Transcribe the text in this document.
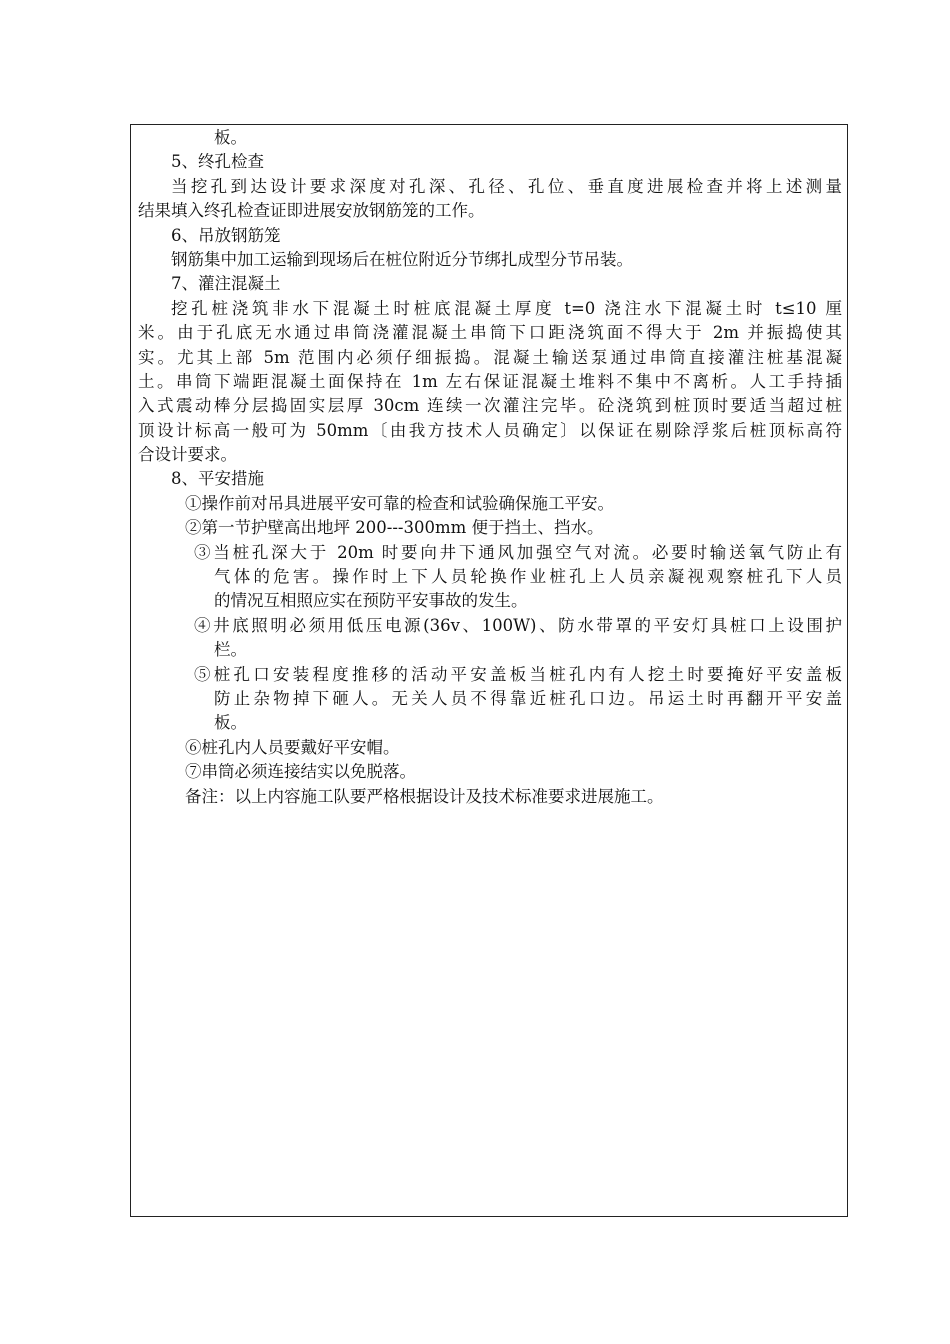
板。
5、终孔检查
当挖孔到达设计要求深度对孔深、孔径、孔位、垂直度进展检查并将上述测量
结果填入终孔检查证即进展安放钢筋笼的工作。
6、吊放钢筋笼
钢筋集中加工运输到现场后在桩位附近分节绑扎成型分节吊装。
7、灌注混凝土
挖孔桩浇筑非水下混凝土时桩底混凝土厚度 t=0 浇注水下混凝土时 t≤10 厘
米。由于孔底无水通过串筒浇灌混凝土串筒下口距浇筑面不得大于 2m 并振捣使其
实。尤其上部 5m 范围内必须仔细振捣。混凝土输送泵通过串筒直接灌注桩基混凝
土。串筒下端距混凝土面保持在 1m 左右保证混凝土堆料不集中不离析。人工手持插
入式震动棒分层捣固实层厚 30cm 连续一次灌注完毕。砼浇筑到桩顶时要适当超过桩
顶设计标高一般可为 50mm〔由我方技术人员确定〕以保证在剔除浮浆后桩顶标高符
合设计要求。
8、平安措施
①操作前对吊具进展平安可靠的检查和试验确保施工平安。
②第一节护壁高出地坪 200---300mm 便于挡土、挡水。
③当桩孔深大于 20m 时要向井下通风加强空气对流。必要时输送氧气防止有
气体的危害。操作时上下人员轮换作业桩孔上人员亲凝视观察桩孔下人员
的情况互相照应实在预防平安事故的发生。
④井底照明必须用低压电源(36v、100W)、防水带罩的平安灯具桩口上设围护
栏。
⑤桩孔口安装程度推移的活动平安盖板当桩孔内有人挖土时要掩好平安盖板
防止杂物掉下砸人。无关人员不得靠近桩孔口边。吊运土时再翻开平安盖
板。
⑥桩孔内人员要戴好平安帽。
⑦串筒必须连接结实以免脱落。
备注：以上内容施工队要严格根据设计及技术标准要求进展施工。
